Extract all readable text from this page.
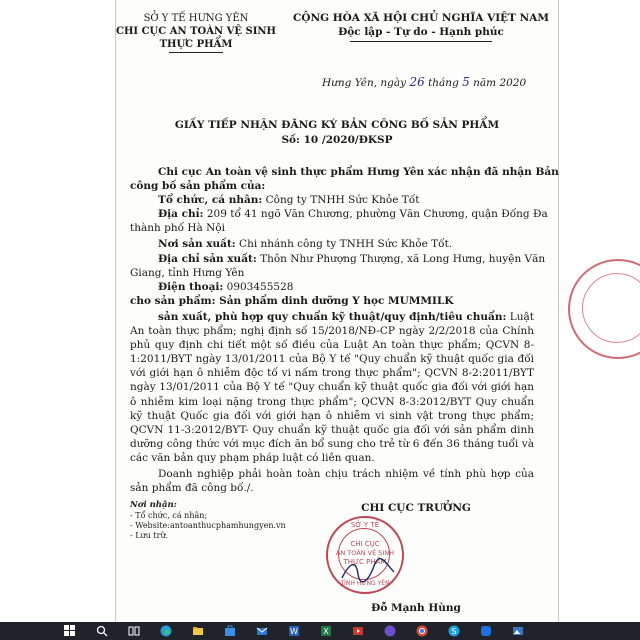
SỞ Y TẾ HƯNG YÊN
CHI CỤC AN TOÀN VỆ SINH
THỰC PHẨM
CỘNG HÒA XÃ HỘI CHỦ NGHĨA VIỆT NAM
Độc lập - Tự do - Hạnh phúc
Hưng Yên, ngày 26 tháng 5 năm 2020
GIẤY TIẾP NHẬN ĐĂNG KÝ BẢN CÔNG BỐ SẢN PHẨM
Số: 10 /2020/ĐKSP
Chi cục An toàn vệ sinh thực phẩm Hưng Yên xác nhận đã nhận Bản
công bố sản phẩm của:
Tổ chức, cá nhân: Công ty TNHH Sức Khỏe Tốt
Địa chỉ: 209 tổ 41 ngõ Văn Chương, phường Văn Chương, quận Đống Đa
thành phố Hà Nội
Nơi sản xuất: Chi nhánh công ty TNHH Sức Khỏe Tốt.
Địa chỉ sản xuất: Thôn Như Phượng Thượng, xã Long Hưng, huyện Văn
Giang, tỉnh Hưng Yên
Điện thoại: 0903455528
cho sản phẩm: Sản phẩm dinh dưỡng Y học MUMMILK
sản xuất, phù hợp quy chuẩn kỹ thuật/quy định/tiêu chuẩn: Luật An toàn thực phẩm; nghị định số 15/2018/NĐ-CP ngày 2/2/2018 của Chính phủ quy định chi tiết một số điều của Luật An toàn thực phẩm; QCVN 8-1:2011/BYT ngày 13/01/2011 của Bộ Y tế "Quy chuẩn kỹ thuật quốc gia đối với giới hạn ô nhiễm độc tố vi nấm trong thực phẩm"; QCVN 8-2:2011/BYT ngày 13/01/2011 của Bộ Y tế "Quy chuẩn kỹ thuật quốc gia đối với giới hạn ô nhiễm kim loại nặng trong thực phẩm"; QCVN 8-3:2012/BYT Quy chuẩn kỹ thuật Quốc gia đối với giới hạn ô nhiễm vi sinh vật trong thực phẩm; QCVN 11-3:2012/BYT- Quy chuẩn kỹ thuật quốc gia đối với sản phẩm dinh dưỡng công thức với mục đích ăn bổ sung cho trẻ từ 6 đến 36 tháng tuổi và các văn bản quy phạm pháp luật có liên quan.
Doanh nghiệp phải hoàn toàn chịu trách nhiệm về tính phù hợp của sản phẩm đã công bố./.
Nơi nhận:
- Tổ chức, cá nhân;
- Website:antoanthucphamhungyen.vn
- Lưu trữ.
CHI CỤC TRƯỞNG
SỞ Y TẾ
CHI CỤC
AN TOÀN VỆ SINH
THỰC PHẨM
TỈNH HƯNG YÊN
Đỗ Mạnh Hùng
W	X	S
